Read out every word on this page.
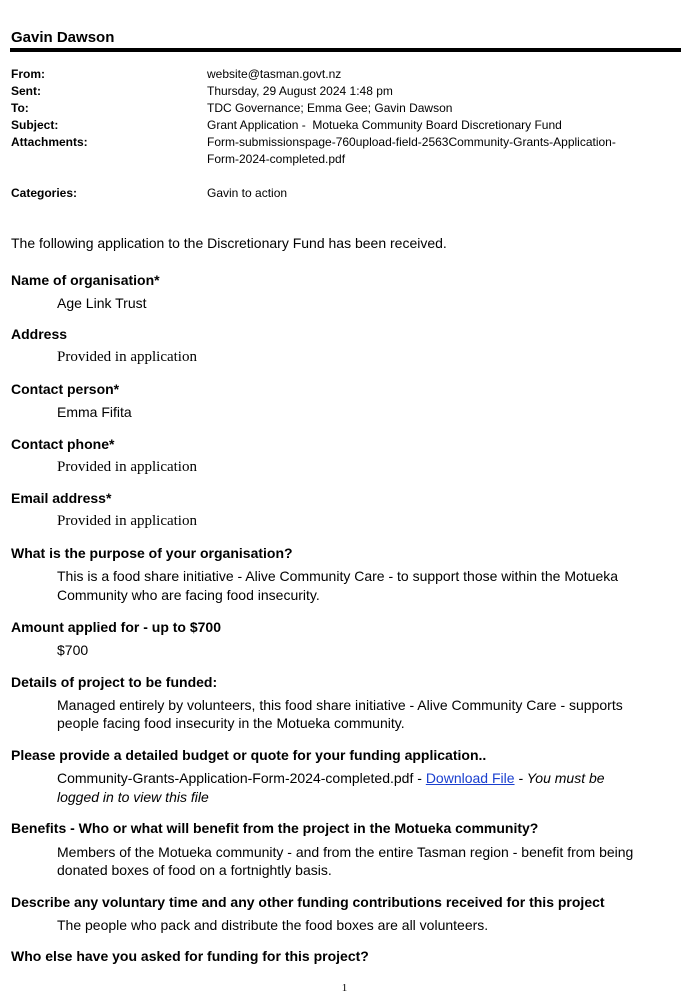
Gavin Dawson
From:	website@tasman.govt.nz
Sent:	Thursday, 29 August 2024 1:48 pm
To:	TDC Governance; Emma Gee; Gavin Dawson
Subject:	Grant Application -  Motueka Community Board Discretionary Fund
Attachments:	Form-submissionspage-760upload-field-2563Community-Grants-Application-
Form-2024-completed.pdf
Categories:	Gavin to action
The following application to the Discretionary Fund has been received.
Name of organisation*
Age Link Trust
Address
Provided in application
Contact person*
Emma Fifita
Contact phone*
Provided in application
Email address*
Provided in application
What is the purpose of your organisation?
This is a food share initiative - Alive Community Care - to support those within the Motueka
Community who are facing food insecurity.
Amount applied for - up to $700
$700
Details of project to be funded:
Managed entirely by volunteers, this food share initiative - Alive Community Care - supports
people facing food insecurity in the Motueka community.
Please provide a detailed budget or quote for your funding application..
Community-Grants-Application-Form-2024-completed.pdf - Download File - You must be
logged in to view this file
Benefits - Who or what will benefit from the project in the Motueka community?
Members of the Motueka community - and from the entire Tasman region - benefit from being
donated boxes of food on a fortnightly basis.
Describe any voluntary time and any other funding contributions received for this project
The people who pack and distribute the food boxes are all volunteers.
Who else have you asked for funding for this project?
1
